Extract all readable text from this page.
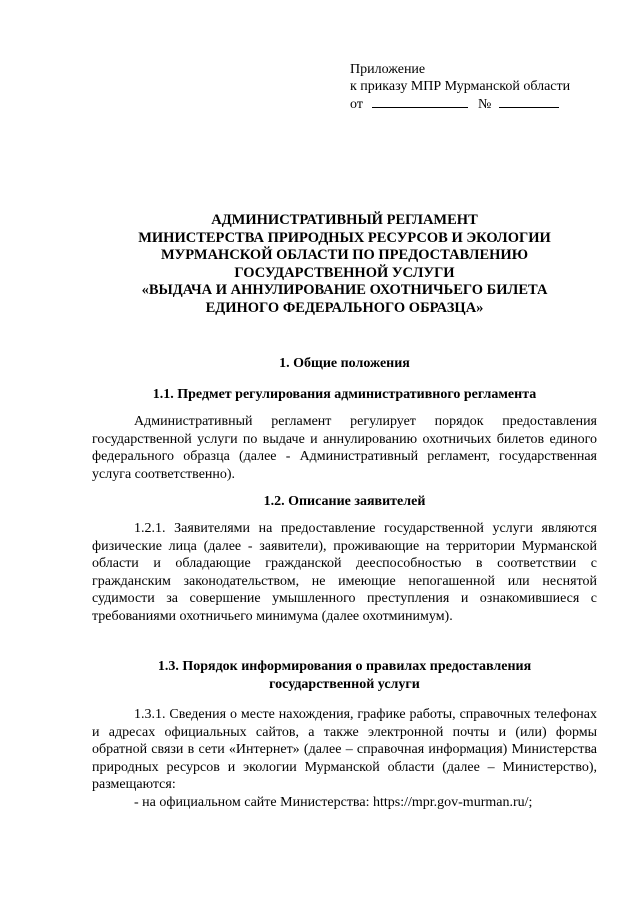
Приложение
к приказу МПР Мурманской области
от	№
АДМИНИСТРАТИВНЫЙ РЕГЛАМЕНТ
МИНИСТЕРСТВА ПРИРОДНЫХ РЕСУРСОВ И ЭКОЛОГИИ
МУРМАНСКОЙ ОБЛАСТИ ПО ПРЕДОСТАВЛЕНИЮ
ГОСУДАРСТВЕННОЙ УСЛУГИ
«ВЫДАЧА И АННУЛИРОВАНИЕ ОХОТНИЧЬЕГО БИЛЕТА
ЕДИНОГО ФЕДЕРАЛЬНОГО ОБРАЗЦА»
1. Общие положения
1.1. Предмет регулирования административного регламента

Административный регламент регулирует порядок предоставления государственной услуги по выдаче и аннулированию охотничьих билетов единого федерального образца (далее - Административный регламент, государственная услуга соответственно).

1.2. Описание заявителей

1.2.1. Заявителями на предоставление государственной услуги являются физические лица (далее - заявители), проживающие на территории Мурманской области и обладающие гражданской дееспособностью в соответствии с гражданским законодательством, не имеющие непогашенной или неснятой судимости за совершение умышленного преступления и ознакомившиеся с требованиями охотничьего минимума (далее охотминимум).

1.3. Порядок информирования о правилах предоставления
государственной услуги

1.3.1. Сведения о месте нахождения, графике работы, справочных телефонах и адресах официальных сайтов, а также электронной почты и (или) формы обратной связи в сети «Интернет» (далее – справочная информация) Министерства природных ресурсов и экологии Мурманской области (далее – Министерство), размещаются:

- на официальном сайте Министерства: https://mpr.gov-murman.ru/;
